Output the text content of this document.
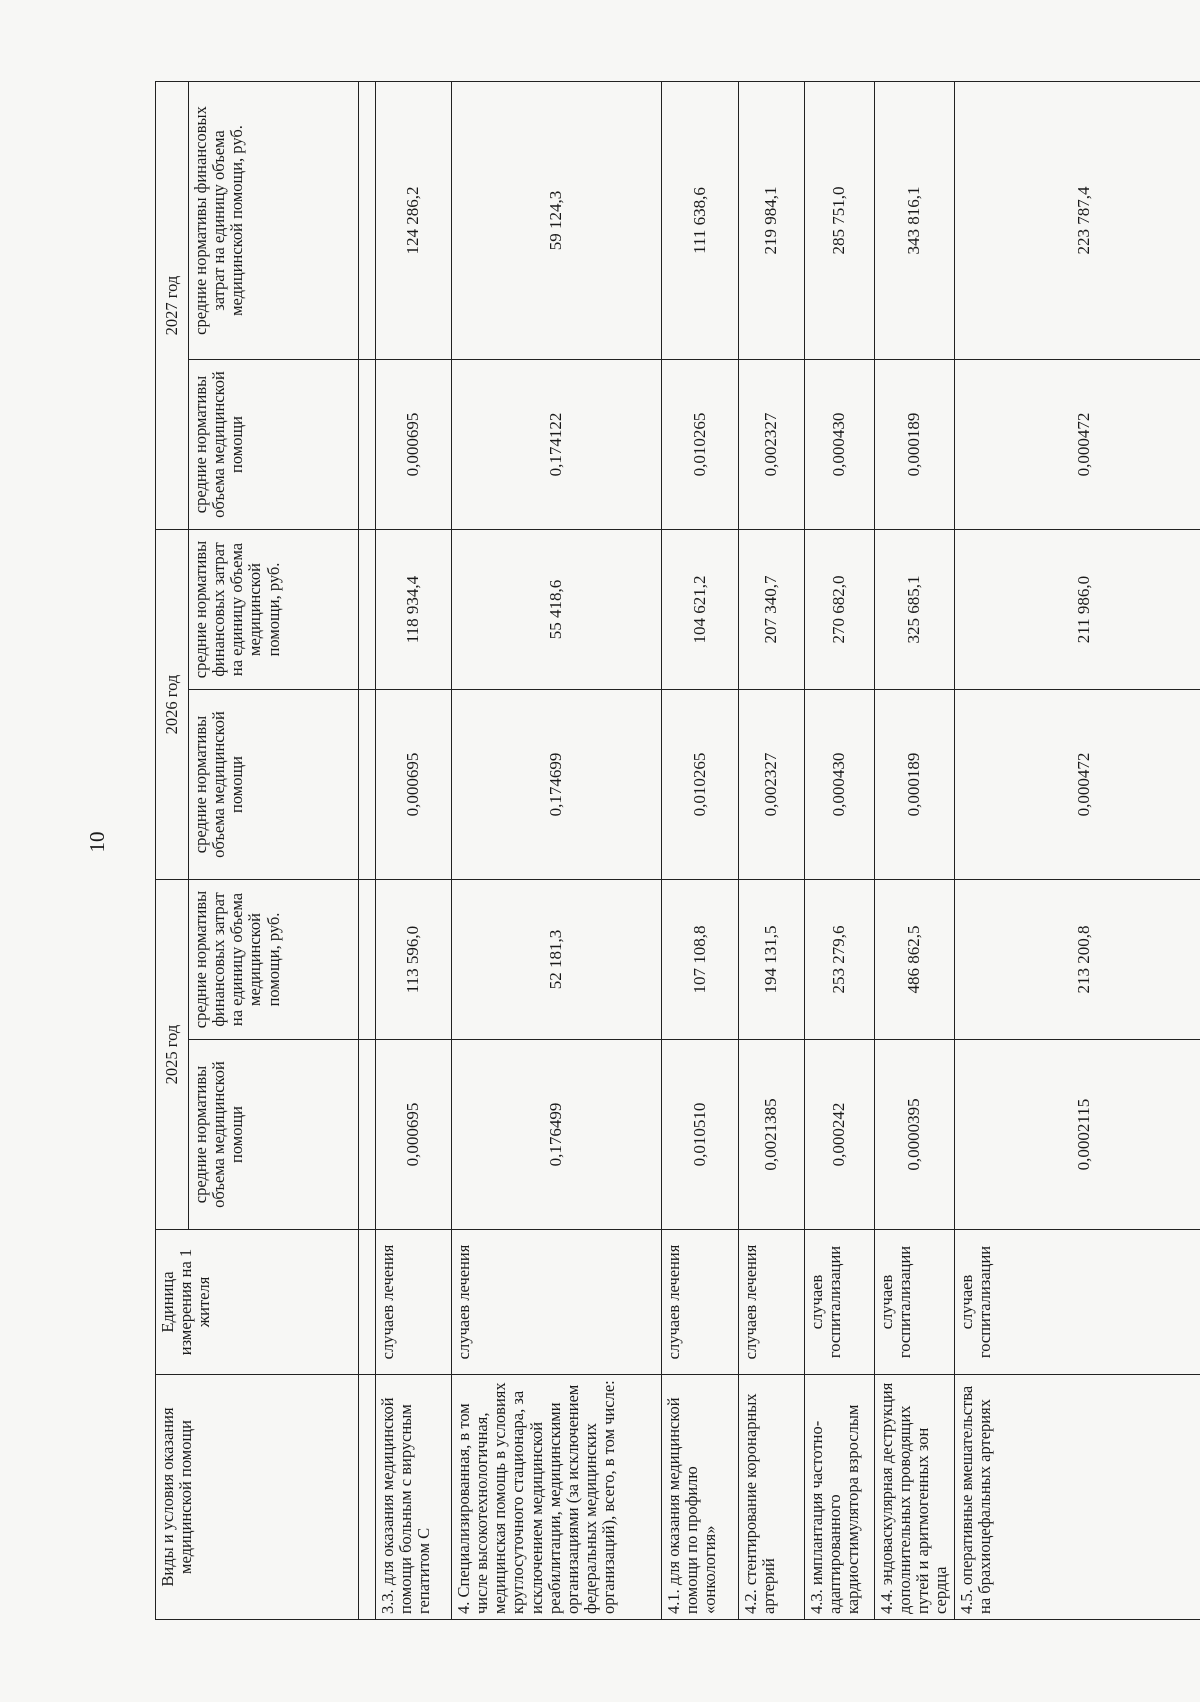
10
Виды и условия оказания медицинской помощи	Единица измерения на 1 жителя	2025 год		2026 год		2027 год	
		средние нормативы объема медицинской помощи	средние нормативы финансовых затрат на единицу объема медицинской помощи, руб.	средние нормативы объема медицинской помощи	средние нормативы финансовых затрат на единицу объема медицинской помощи, руб.	средние нормативы объема медицинской помощи	средние нормативы финансовых затрат на единицу объема медицинской помощи, руб.

3.3. для оказания медицинской помощи больным с вирусным гепатитом С	случаев лечения	0,000695	113 596,0	0,000695	118 934,4	0,000695	124 286,2
4. Специализированная, в том числе высокотехнологичная, медицинская помощь в условиях круглосуточного стационара, за исключением медицинской реабилитации, медицинскими организациями (за исключением федеральных медицинских организаций), всего, в том числе:	случаев лечения	0,176499	52 181,3	0,174699	55 418,6	0,174122	59 124,3
4.1. для оказания медицинской помощи по профилю «онкология»	случаев лечения	0,010510	107 108,8	0,010265	104 621,2	0,010265	111 638,6
4.2. стентирование коронарных артерий	случаев лечения	0,0021385	194 131,5	0,002327	207 340,7	0,002327	219 984,1
4.3. имплантация частотно-адаптированного кардиостимулятора взрослым	случаев госпитализации	0,000242	253 279,6	0,000430	270 682,0	0,000430	285 751,0
4.4. эндоваскулярная деструкция дополнительных проводящих путей и аритмогенных зон сердца	случаев госпитализации	0,0000395	486 862,5	0,000189	325 685,1	0,000189	343 816,1
4.5. оперативные вмешательства на брахиоцефальных артериях	случаев госпитализации	0,0002115	213 200,8	0,000472	211 986,0	0,000472	223 787,4
